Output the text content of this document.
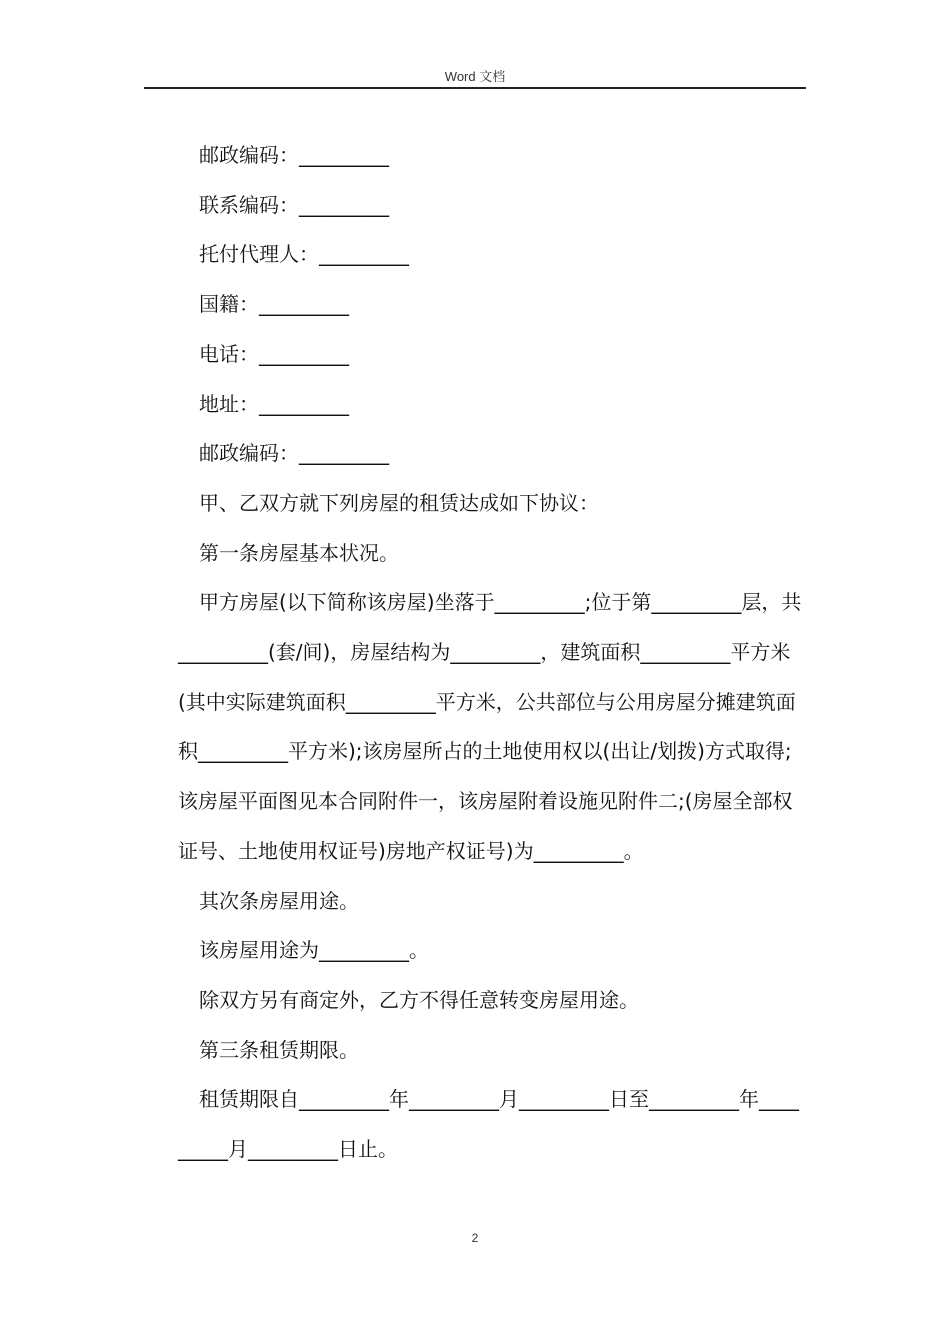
Word 文档

邮政编码：_________

联系编码：_________

托付代理人：_________

国籍：_________

电话：_________

地址：_________

邮政编码：_________

甲、乙双方就下列房屋的租赁达成如下协议：

第一条房屋基本状况。

甲方房屋(以下简称该房屋)坐落于_________;位于第_________层，共_________(套/间)，房屋结构为_________，建筑面积_________平方米(其中实际建筑面积_________平方米，公共部位与公用房屋分摊建筑面积_________平方米);该房屋所占的土地使用权以(出让/划拨)方式取得;该房屋平面图见本合同附件一，该房屋附着设施见附件二;(房屋全部权证号、土地使用权证号)房地产权证号)为_________。

其次条房屋用途。

该房屋用途为_________。

除双方另有商定外，乙方不得任意转变房屋用途。

第三条租赁期限。

租赁期限自_________年_________月_________日至_________年_________月_________日止。

2
